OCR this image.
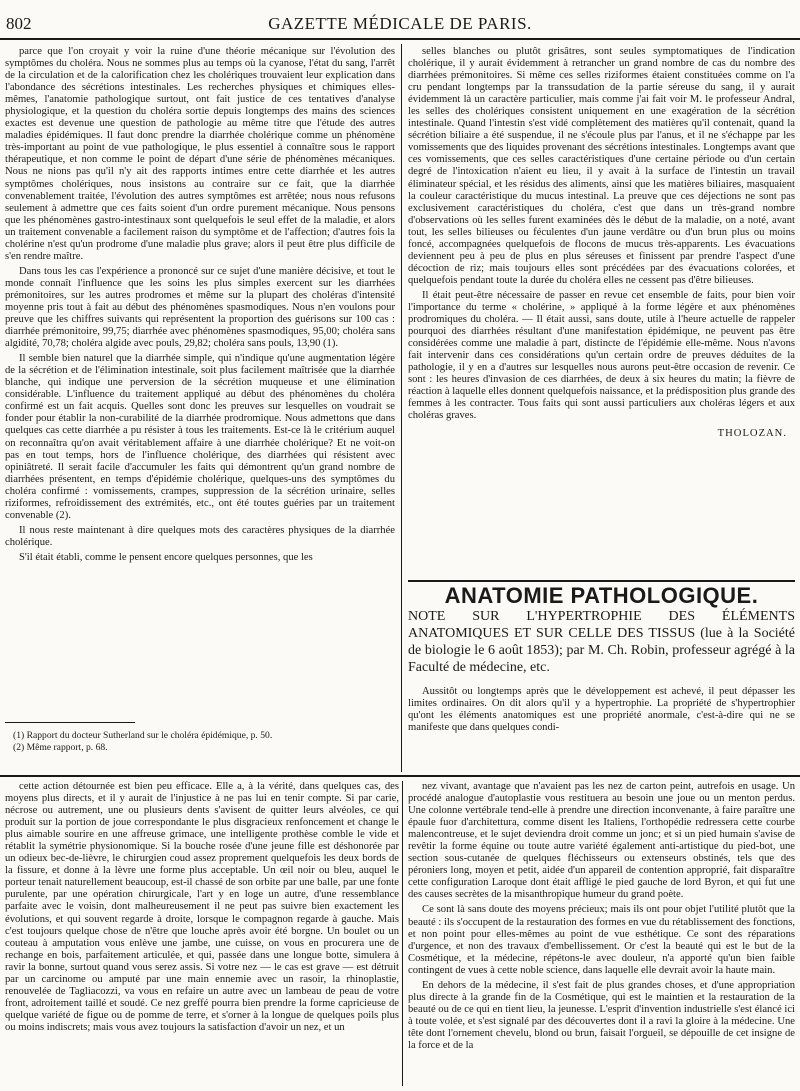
802	GAZETTE MÉDICALE DE PARIS.

parce que l'on croyait y voir la ruine d'une théorie mécanique sur l'évolution des symptômes du choléra. Nous ne sommes plus au temps où la cyanose, l'état du sang, l'arrêt de la circulation et de la calorification chez les cholériques trouvaient leur explication dans l'abondance des sécrétions intestinales. Les recherches physiques et chimiques elles-mêmes, l'anatomie pathologique surtout, ont fait justice de ces tentatives d'analyse physiologique, et la question du choléra sortie depuis longtemps des mains des sciences exactes est devenue une question de pathologie au même titre que l'étude des autres maladies épidémiques. Il faut donc prendre la diarrhée cholérique comme un phénomène très-important au point de vue pathologique, le plus essentiel à connaître sous le rapport thérapeutique, et non comme le point de départ d'une série de phénomènes mécaniques. Nous ne nions pas qu'il n'y ait des rapports intimes entre cette diarrhée et les autres symptômes cholériques, nous insistons au contraire sur ce fait, que la diarrhée convenablement traitée, l'évolution des autres symptômes est arrêtée; nous nous refusons seulement à admettre que ces faits soient d'un ordre purement mécanique. Nous pensons que les phénomènes gastro-intestinaux sont quelquefois le seul effet de la maladie, et alors un traitement convenable a facilement raison du symptôme et de l'affection; d'autres fois la cholérine n'est qu'un prodrome d'une maladie plus grave; alors il peut être plus difficile de s'en rendre maître.

Dans tous les cas l'expérience a prononcé sur ce sujet d'une manière décisive, et tout le monde connaît l'influence que les soins les plus simples exercent sur les diarrhées prémonitoires, sur les autres prodromes et même sur la plupart des choléras d'intensité moyenne pris tout à fait au début des phénomènes spasmodiques. Nous n'en voulons pour preuve que les chiffres suivants qui représentent la proportion des guérisons sur 100 cas : diarrhée prémonitoire, 99,75; diarrhée avec phénomènes spasmodiques, 95,00; choléra sans algidité, 70,78; choléra algide avec pouls, 29,82; choléra sans pouls, 13,90 (1).

Il semble bien naturel que la diarrhée simple, qui n'indique qu'une augmentation légère de la sécrétion et de l'élimination intestinale, soit plus facilement maîtrisée que la diarrhée blanche, qui indique une perversion de la sécrétion muqueuse et une élimination considérable. L'influence du traitement appliqué au début des phénomènes du choléra confirmé est un fait acquis. Quelles sont donc les preuves sur lesquelles on voudrait se fonder pour établir la non-curabilité de la diarrhée prodromique. Nous admettons que dans quelques cas cette diarrhée a pu résister à tous les traitements. Est-ce là le critérium auquel on reconnaîtra qu'on avait véritablement affaire à une diarrhée cholérique? Et ne voit-on pas en tout temps, hors de l'influence cholérique, des diarrhées qui résistent avec opiniâtreté. Il serait facile d'accumuler les faits qui démontrent qu'un grand nombre de diarrhées présentent, en temps d'épidémie cholérique, quelques-uns des symptômes du choléra confirmé : vomissements, crampes, suppression de la sécrétion urinaire, selles riziformes, refroidissement des extrémités, etc., ont été toutes guéries par un traitement convenable (2).

Il nous reste maintenant à dire quelques mots des caractères physiques de la diarrhée cholérique.

S'il était établi, comme le pensent encore quelques personnes, que les

(1) Rapport du docteur Sutherland sur le choléra épidémique, p. 50.
(2) Même rapport, p. 68.

selles blanches ou plutôt grisâtres, sont seules symptomatiques de l'indication cholérique, il y aurait évidemment à retrancher un grand nombre de cas du nombre des diarrhées prémonitoires. Si même ces selles riziformes étaient constituées comme on l'a cru pendant longtemps par la transsudation de la partie séreuse du sang, il y aurait évidemment là un caractère particulier, mais comme j'ai fait voir M. le professeur Andral, les selles des cholériques consistent uniquement en une exagération de la sécrétion intestinale. Quand l'intestin s'est vidé complètement des matières qu'il contenait, quand la sécrétion biliaire a été suspendue, il ne s'écoule plus par l'anus, et il ne s'échappe par les vomissements que des liquides provenant des sécrétions intestinales. Longtemps avant que ces vomissements, que ces selles caractéristiques d'une certaine période ou d'un certain degré de l'intoxication n'aient eu lieu, il y avait à la surface de l'intestin un travail éliminateur spécial, et les résidus des aliments, ainsi que les matières biliaires, masquaient la couleur caractéristique du mucus intestinal. La preuve que ces déjections ne sont pas exclusivement caractéristiques du choléra, c'est que dans un très-grand nombre d'observations où les selles furent examinées dès le début de la maladie, on a noté, avant tout, les selles bilieuses ou féculentes d'un jaune verdâtre ou d'un brun plus ou moins foncé, accompagnées quelquefois de flocons de mucus très-apparents. Les évacuations deviennent peu à peu de plus en plus séreuses et finissent par prendre l'aspect d'une décoction de riz; mais toujours elles sont précédées par des évacuations colorées, et quelquefois pendant toute la durée du choléra elles ne cessent pas d'être bilieuses.

Il était peut-être nécessaire de passer en revue cet ensemble de faits, pour bien voir l'importance du terme « cholérine, » appliqué à la forme légère et aux phénomènes prodromiques du choléra. — Il était aussi, sans doute, utile à l'heure actuelle de rappeler pourquoi des diarrhées résultant d'une manifestation épidémique, ne peuvent pas être considérées comme une maladie à part, distincte de l'épidémie elle-même. Nous n'avons fait intervenir dans ces considérations qu'un certain ordre de preuves déduites de la pathologie, il y en a d'autres sur lesquelles nous aurons peut-être occasion de revenir. Ce sont : les heures d'invasion de ces diarrhées, de deux à six heures du matin; la fièvre de réaction à laquelle elles donnent quelquefois naissance, et la prédisposition plus grande des femmes à les contracter. Tous faits qui sont aussi particuliers aux choléras légers et aux choléras graves.

THOLOZAN.
ANATOMIE PATHOLOGIQUE.
NOTE SUR L'HYPERTROPHIE DES ÉLÉMENTS ANATOMIQUES ET SUR CELLE DES TISSUS (lue à la Société de biologie le 6 août 1853); par M. Ch. Robin, professeur agrégé à la Faculté de médecine, etc.

Aussitôt ou longtemps après que le développement est achevé, il peut dépasser les limites ordinaires. On dit alors qu'il y a hypertrophie. La propriété de s'hypertrophier qu'ont les éléments anatomiques est une propriété anormale, c'est-à-dire qui ne se manifeste que dans quelques condi-

cette action détournée est bien peu efficace. Elle a, à la vérité, dans quelques cas, des moyens plus directs, et il y aurait de l'injustice à ne pas lui en tenir compte. Si par carie, nécrose ou autrement, une ou plusieurs dents s'avisent de quitter leurs alvéoles, ce qui produit sur la portion de joue correspondante le plus disgracieux renfoncement et change le plus aimable sourire en une affreuse grimace, une intelligente prothèse comble le vide et rétablit la symétrie physionomique. Si la bouche rosée d'une jeune fille est déshonorée par un odieux bec-de-lièvre, le chirurgien coud assez proprement quelquefois les deux bords de la fissure, et donne à la lèvre une forme plus acceptable. Un œil noir ou bleu, auquel le porteur tenait naturellement beaucoup, est-il chassé de son orbite par une balle, par une fonte purulente, par une opération chirurgicale, l'art y en loge un autre, d'une ressemblance parfaite avec le voisin, dont malheureusement il ne peut pas suivre bien exactement les évolutions, et qui souvent regarde à droite, lorsque le compagnon regarde à gauche. Mais c'est toujours quelque chose de n'être que louche après avoir été borgne. Un boulet ou un couteau à amputation vous enlève une jambe, une cuisse, on vous en procurera une de rechange en bois, parfaitement articulée, et qui, passée dans une longue botte, simulera à ravir la bonne, surtout quand vous serez assis. Si votre nez — le cas est grave — est détruit par un carcinome ou amputé par une main ennemie avec un rasoir, la rhinoplastie, renouvelée de Tagliacozzi, va vous en refaire un autre avec un lambeau de peau de votre front, adroitement taillé et soudé. Ce nez greffé pourra bien prendre la forme capricieuse de quelque variété de figue ou de pomme de terre, et s'orner à la longue de quelques poils plus ou moins indiscrets; mais vous avez toujours la satisfaction d'avoir un nez, et un

nez vivant, avantage que n'avaient pas les nez de carton peint, autrefois en usage. Un procédé analogue d'autoplastie vous restituera au besoin une joue ou un menton perdus. Une colonne vertébrale tend-elle à prendre une direction inconvenante, à faire paraître une épaule fuor d'architettura, comme disent les Italiens, l'orthopédie redressera cette courbe malencontreuse, et le sujet deviendra droit comme un jonc; et si un pied humain s'avise de revêtir la forme équine ou toute autre variété également anti-artistique du pied-bot, une section sous-cutanée de quelques fléchisseurs ou extenseurs obstinés, tels que des péroniers long, moyen et petit, aidée d'un appareil de contention approprié, fait disparaître cette configuration Laroque dont était affligé le pied gauche de lord Byron, et qui fut une des causes secrètes de la misanthropique humeur du grand poète.

Ce sont là sans doute des moyens précieux; mais ils ont pour objet l'utilité plutôt que la beauté : ils s'occupent de la restauration des formes en vue du rétablissement des fonctions, et non point pour elles-mêmes au point de vue esthétique. Ce sont des réparations d'urgence, et non des travaux d'embellissement. Or c'est la beauté qui est le but de la Cosmétique, et la médecine, répétons-le avec douleur, n'a apporté qu'un bien faible contingent de vues à cette noble science, dans laquelle elle devrait avoir la haute main.

En dehors de la médecine, il s'est fait de plus grandes choses, et d'une appropriation plus directe à la grande fin de la Cosmétique, qui est le maintien et la restauration de la beauté ou de ce qui en tient lieu, la jeunesse. L'esprit d'invention industrielle s'est élancé ici à toute volée, et s'est signalé par des découvertes dont il a ravi la gloire à la médecine. Une tête dont l'ornement chevelu, blond ou brun, faisait l'orgueil, se dépouille de cet insigne de la force et de la
